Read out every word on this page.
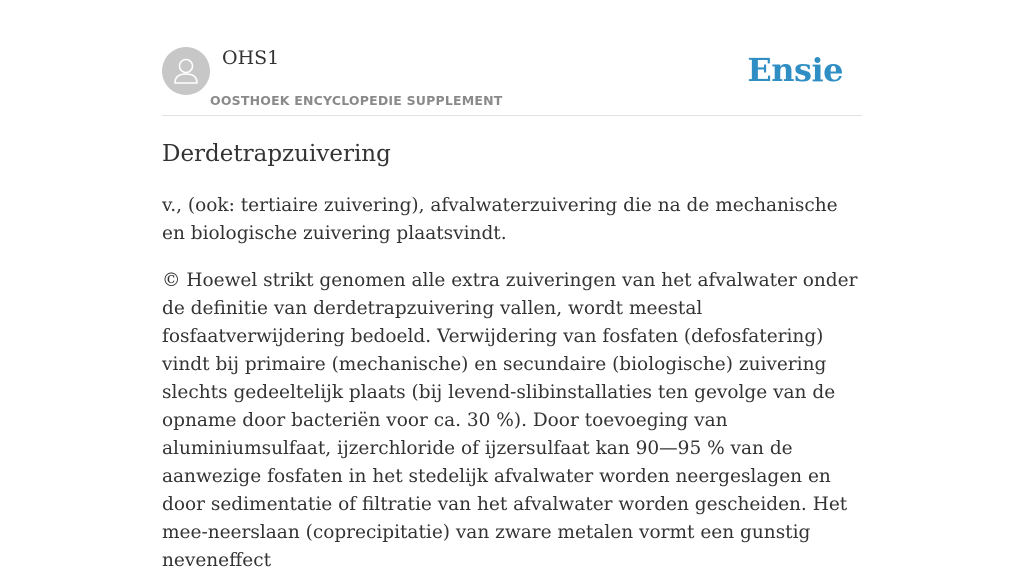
OHS1
OOSTHOEK ENCYCLOPEDIE SUPPLEMENT
Ensie
Derdetrapzuivering

v., (ook: tertiaire zuivering), afvalwaterzuivering die na de mechanische en biologische zuivering plaatsvindt.

© Hoewel strikt genomen alle extra zuiveringen van het afvalwater onder de definitie van derdetrapzuivering vallen, wordt meestal fosfaatverwijdering bedoeld. Verwijdering van fosfaten (defosfatering) vindt bij primaire (mechanische) en secundaire (biologische) zuivering slechts gedeeltelijk plaats (bij levend-slibinstallaties ten gevolge van de opname door bacteriën voor ca. 30 %). Door toevoeging van aluminiumsulfaat, ijzerchloride of ijzersulfaat kan 90—95 % van de aanwezige fosfaten in het stedelijk afvalwater worden neergeslagen en door sedimentatie of filtratie van het afvalwater worden gescheiden. Het mee-neerslaan (coprecipitatie) van zware metalen vormt een gunstig neveneffect
